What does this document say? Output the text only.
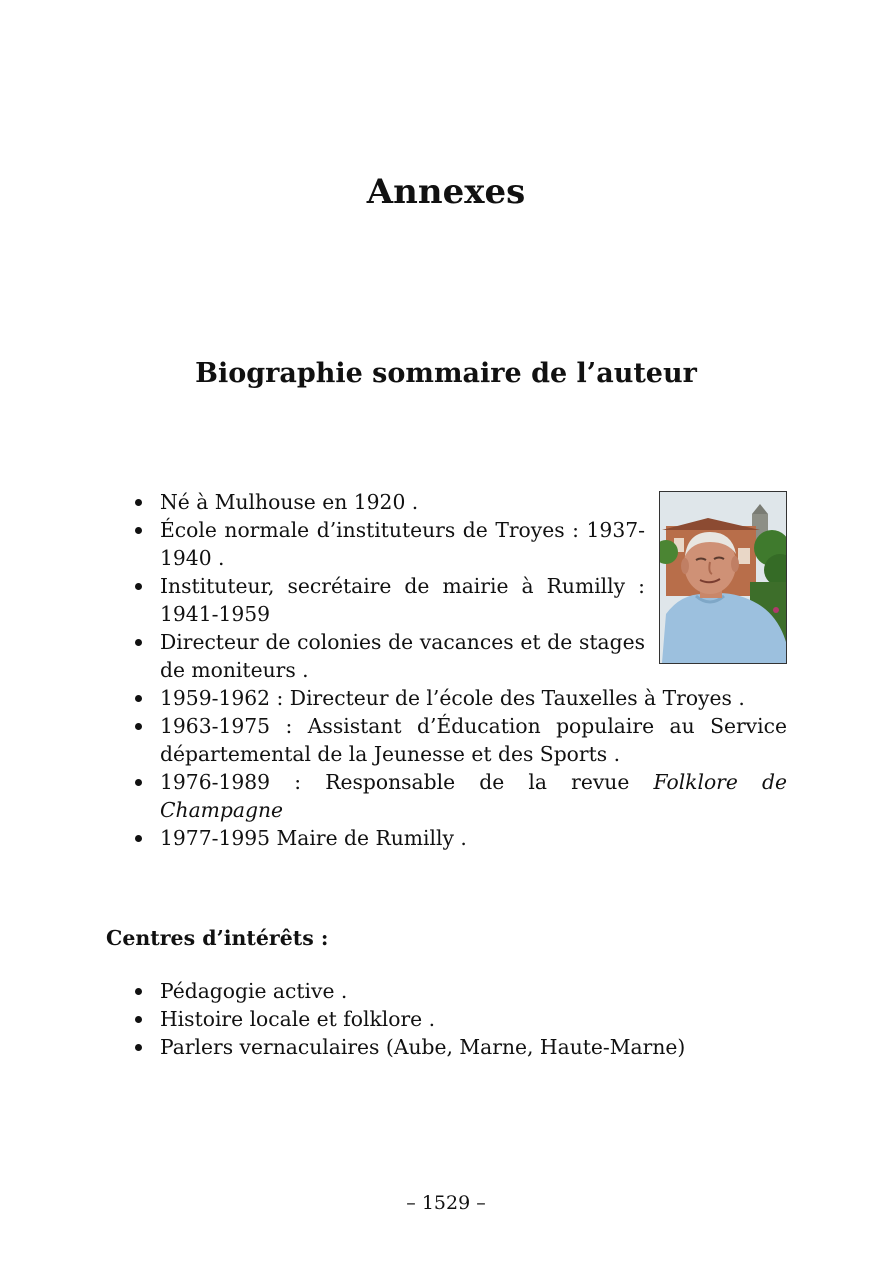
Annexes
Biographie sommaire de l’auteur
Né à Mulhouse en 1920 .
École normale d’instituteurs de Troyes : 1937-1940 .
Instituteur, secrétaire de mairie à Rumilly : 1941-1959
Directeur de colonies de vacances et de stages de moniteurs .
1959-1962 : Directeur de l’école des Tauxelles à Troyes .
1963-1975 : Assistant d’Éducation populaire au Service départemental de la Jeunesse et des Sports .
1976-1989 : Responsable de la revue Folklore de Champagne
1977-1995 Maire de Rumilly .
Centres d’intérêts :
Pédagogie active .
Histoire locale et folklore .
Parlers vernaculaires (Aube, Marne, Haute-Marne)
– 1529 –
